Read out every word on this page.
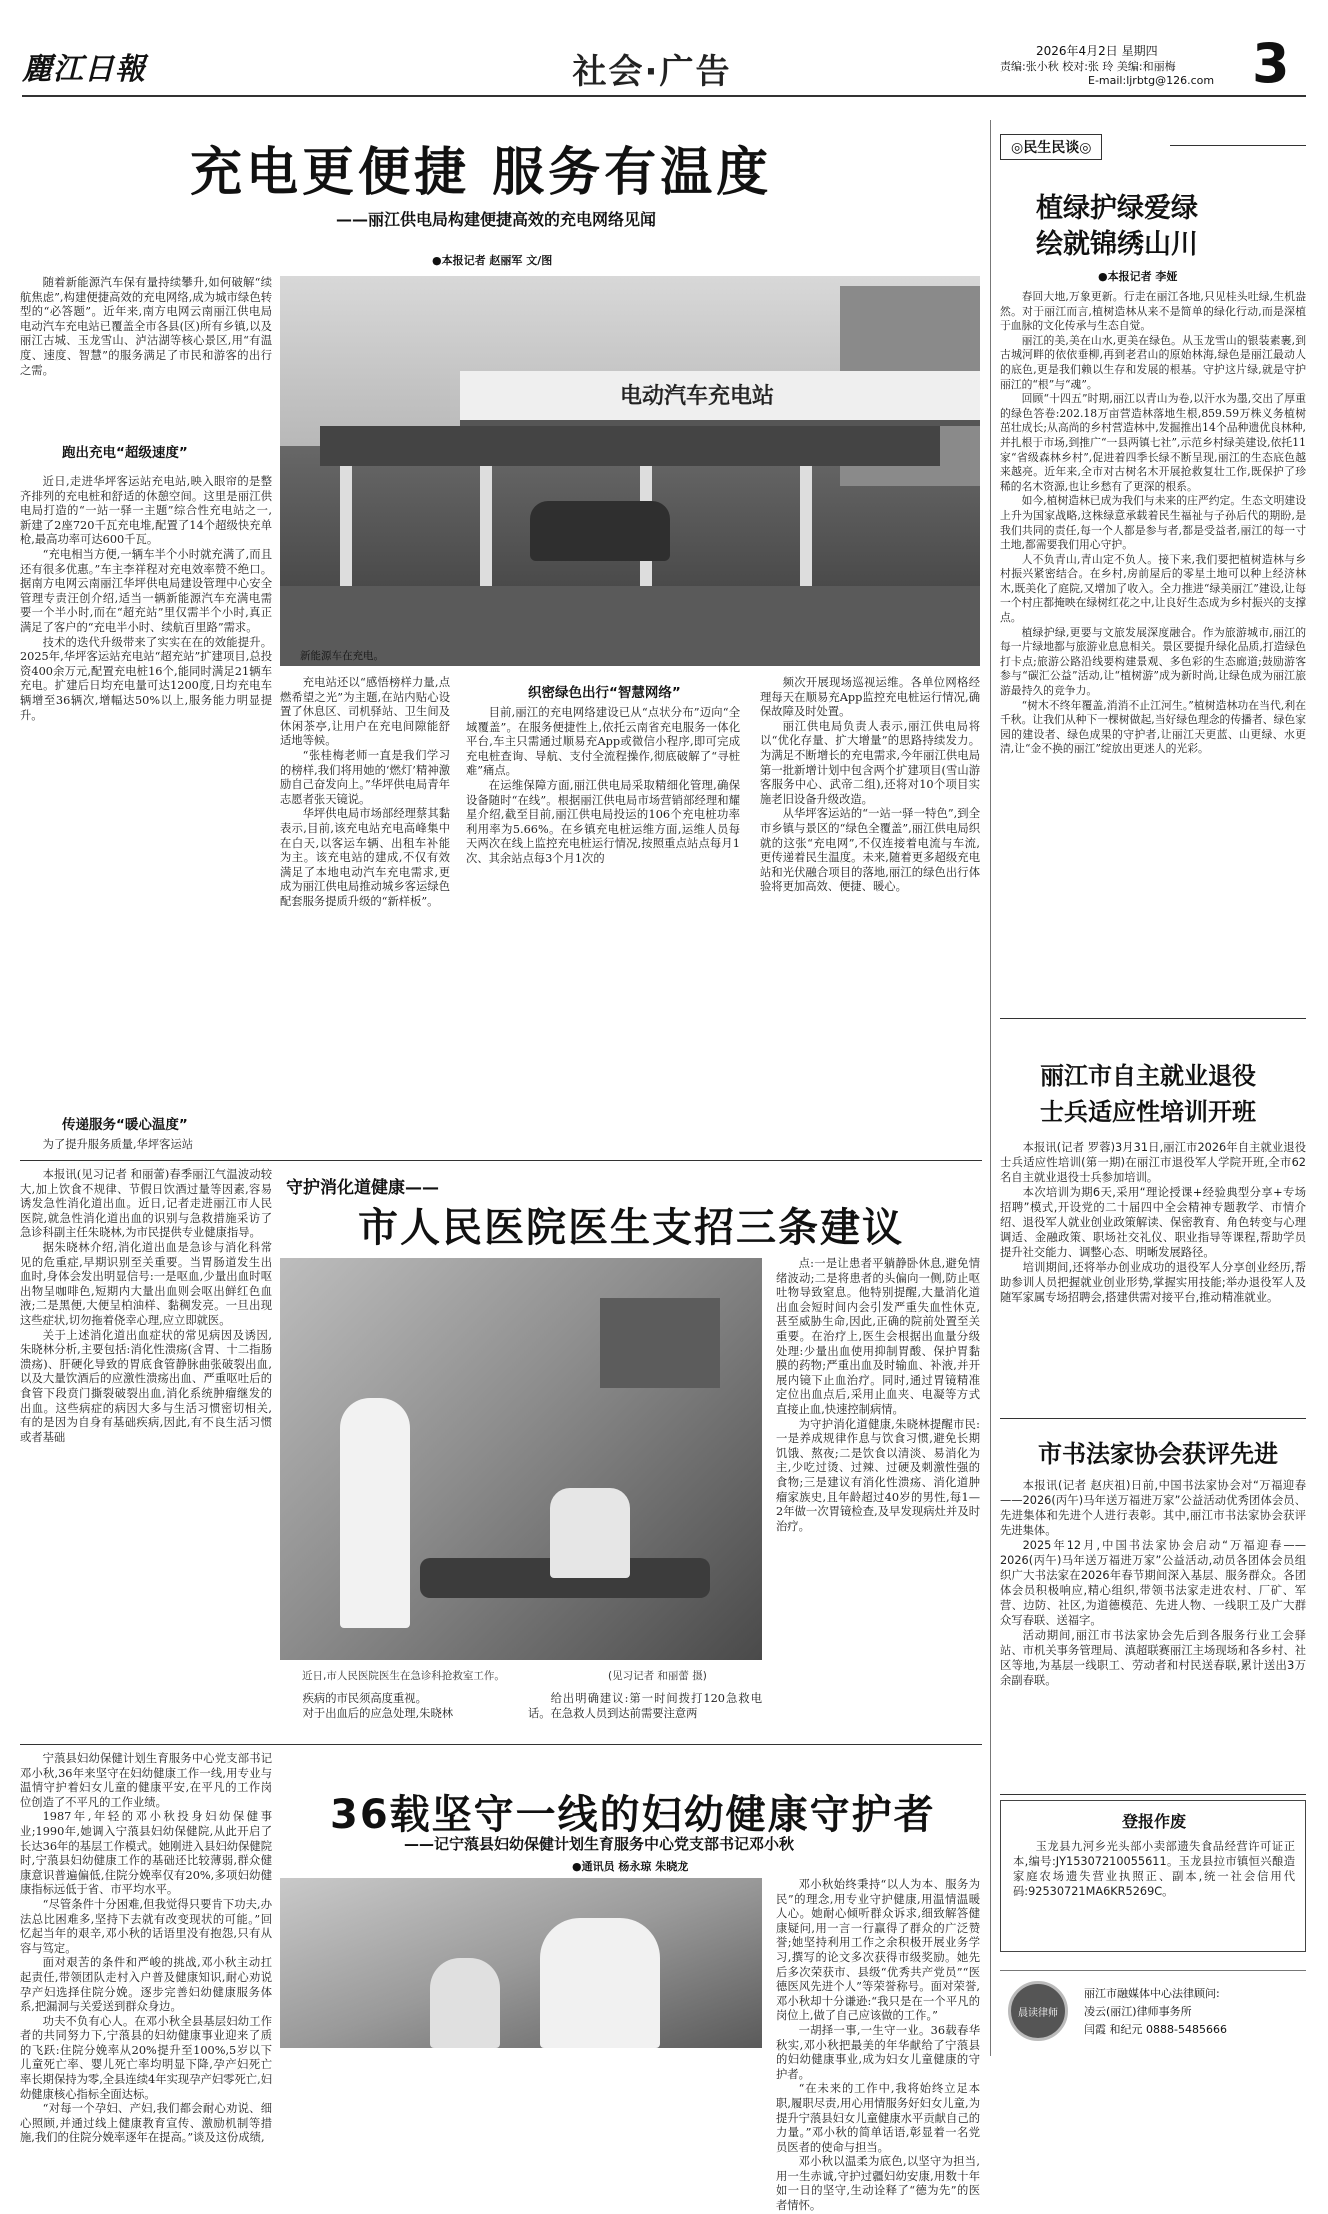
麗江日報	社会·广告
2026年4月2日 星期四
责编:张小秋 校对:张 玲 美编:和丽梅
E-mail:ljrbtg@126.com 3
充电更便捷 服务有温度
——丽江供电局构建便捷高效的充电网络见闻
●本报记者 赵丽军 文/图

随着新能源汽车保有量持续攀升,如何破解“续航焦虑”,构建便捷高效的充电网络,成为城市绿色转型的“必答题”。近年来,南方电网云南丽江供电局电动汽车充电站已覆盖全市各县(区)所有乡镇,以及丽江古城、玉龙雪山、泸沽湖等核心景区,用“有温度、速度、智慧”的服务满足了市民和游客的出行之需。

跑出充电“超级速度”

近日,走进华坪客运站充电站,映入眼帘的是整齐排列的充电桩和舒适的休憩空间。这里是丽江供电局打造的“一站一驿一主题”综合性充电站之一,新建了2座720千瓦充电堆,配置了14个超级快充单枪,最高功率可达600千瓦。

“充电相当方便,一辆车半个小时就充满了,而且还有很多优惠。”车主李祥程对充电效率赞不绝口。据南方电网云南丽江华坪供电局建设管理中心安全管理专责汪创介绍,适当一辆新能源汽车充满电需要一个半小时,而在“超充站”里仅需半个小时,真正满足了客户的“充电半小时、续航百里路”需求。

技术的迭代升级带来了实实在在的效能提升。2025年,华坪客运站充电站“超充站”扩建项目,总投资400余万元,配置充电桩16个,能同时满足21辆车充电。扩建后日均充电量可达1200度,日均充电车辆增至36辆次,增幅达50%以上,服务能力明显提升。

传递服务“暖心温度”

为了提升服务质量,华坪客运站

电动汽车充电站
新能源车在充电。

充电站还以“感悟榜样力量,点燃希望之光”为主题,在站内贴心设置了休息区、司机驿站、卫生间及休闲茶亭,让用户在充电间隙能舒适地等候。

“张桂梅老师一直是我们学习的榜样,我们将用她的‘燃灯’精神激励自己奋发向上。”华坪供电局青年志愿者张天镜说。

华坪供电局市场部经理蔡其黏表示,目前,该充电站充电高峰集中在白天,以客运车辆、出租车补能为主。该充电站的建成,不仅有效满足了本地电动汽车充电需求,更成为丽江供电局推动城乡客运绿色配套服务提质升级的“新样板”。

织密绿色出行“智慧网络”

目前,丽江的充电网络建设已从“点状分布”迈向“全域覆盖”。在服务便捷性上,依托云南省充电服务一体化平台,车主只需通过顺易充App或微信小程序,即可完成充电桩查询、导航、支付全流程操作,彻底破解了“寻桩难”痛点。

在运维保障方面,丽江供电局采取精细化管理,确保设备随时“在线”。根据丽江供电局市场营销部经理和耀星介绍,截至目前,丽江供电局投运的106个充电桩功率利用率为5.66%。在乡镇充电桩运维方面,运维人员每天两次在线上监控充电桩运行情况,按照重点站点每月1次、其余站点每3个月1次的

频次开展现场巡视运维。各单位网格经理每天在顺易充App监控充电桩运行情况,确保故障及时处置。

丽江供电局负责人表示,丽江供电局将以“优化存量、扩大增量”的思路持续发力。为满足不断增长的充电需求,今年丽江供电局第一批新增计划中包含两个扩建项目(雪山游客服务中心、武帝二组),还将对10个项目实施老旧设备升级改造。

从华坪客运站的“一站一驿一特色”,到全市乡镇与景区的“绿色全覆盖”,丽江供电局织就的这张“充电网”,不仅连接着电流与车流,更传递着民生温度。未来,随着更多超级充电站和光伏融合项目的落地,丽江的绿色出行体验将更加高效、便捷、暖心。

本报讯(见习记者 和丽蕾)春季丽江气温波动较大,加上饮食不规律、节假日饮酒过量等因素,容易诱发急性消化道出血。近日,记者走进丽江市人民医院,就急性消化道出血的识别与急救措施采访了急诊科副主任朱晓林,为市民提供专业健康指导。

据朱晓林介绍,消化道出血是急诊与消化科常见的危重症,早期识别至关重要。当胃肠道发生出血时,身体会发出明显信号:一是呕血,少量出血时呕出物呈咖啡色,短期内大量出血则会呕出鲜红色血液;二是黑便,大便呈柏油样、黏稠发亮。一旦出现这些症状,切勿拖着侥幸心理,应立即就医。

关于上述消化道出血症状的常见病因及诱因,朱晓林分析,主要包括:消化性溃疡(含胃、十二指肠溃疡)、肝硬化导致的胃底食管静脉曲张破裂出血,以及大量饮酒后的应激性溃疡出血、严重呕吐后的食管下段贲门撕裂破裂出血,消化系统肿瘤继发的出血。这些病症的病因大多与生活习惯密切相关,有的是因为自身有基础疾病,因此,有不良生活习惯或者基础

守护消化道健康——
市人民医院医生支招三条建议
近日,市人民医院医生在急诊科抢救室工作。	(见习记者 和丽蕾 摄)

疾病的市民须高度重视。

对于出血后的应急处理,朱晓林

给出明确建议:第一时间拨打120急救电话。在急救人员到达前需要注意两

点:一是让患者平躺静卧休息,避免情绪波动;二是将患者的头偏向一侧,防止呕吐物导致窒息。他特别提醒,大量消化道出血会短时间内会引发严重失血性休克,甚至威胁生命,因此,正确的院前处置至关重要。在治疗上,医生会根据出血量分级处理:少量出血使用抑制胃酸、保护胃黏膜的药物;严重出血及时输血、补液,并开展内镜下止血治疗。同时,通过胃镜精准定位出血点后,采用止血夹、电凝等方式直接止血,快速控制病情。

为守护消化道健康,朱晓林提醒市民:一是养成规律作息与饮食习惯,避免长期饥饿、熬夜;二是饮食以清淡、易消化为主,少吃过烫、过辣、过硬及刺激性强的食物;三是建议有消化性溃疡、消化道肿瘤家族史,且年龄超过40岁的男性,每1—2年做一次胃镜检查,及早发现病灶并及时治疗。

宁蒗县妇幼保健计划生育服务中心党支部书记邓小秋,36年来坚守在妇幼健康工作一线,用专业与温情守护着妇女儿童的健康平安,在平凡的工作岗位创造了不平凡的工作业绩。

1987年,年轻的邓小秋投身妇幼保健事业;1990年,她调入宁蒗县妇幼保健院,从此开启了长达36年的基层工作模式。她刚进入县妇幼保健院时,宁蒗县妇幼健康工作的基础还比较薄弱,群众健康意识普遍偏低,住院分娩率仅有20%,多项妇幼健康指标远低于省、市平均水平。

“尽管条件十分困难,但我觉得只要肯下功夫,办法总比困难多,坚持下去就有改变现状的可能。”回忆起当年的艰辛,邓小秋的话语里没有抱怨,只有从容与笃定。

面对艰苦的条件和严峻的挑战,邓小秋主动扛起责任,带领团队走村入户普及健康知识,耐心劝说孕产妇选择住院分娩。逐步完善妇幼健康服务体系,把漏洞与关爱送到群众身边。

功夫不负有心人。在邓小秋全县基层妇幼工作者的共同努力下,宁蒗县的妇幼健康事业迎来了质的飞跃:住院分娩率从20%提升至100%,5岁以下儿童死亡率、婴儿死亡率均明显下降,孕产妇死亡率长期保持为零,全县连续4年实现孕产妇零死亡,妇幼健康核心指标全面达标。

“对每一个孕妇、产妇,我们都会耐心劝说、细心照顾,并通过线上健康教育宣传、激励机制等措施,我们的住院分娩率逐年在提高。”谈及这份成绩,

36载坚守一线的妇幼健康守护者
——记宁蒗县妇幼保健计划生育服务中心党支部书记邓小秋
●通讯员 杨永琼 朱晓龙

邓小秋始终秉持“以人为本、服务为民”的理念,用专业守护健康,用温情温暖人心。她耐心倾听群众诉求,细致解答健康疑问,用一言一行赢得了群众的广泛赞誉;她坚持利用工作之余积极开展业务学习,撰写的论文多次获得市级奖励。她先后多次荣获市、县级“优秀共产党员”“医德医风先进个人”等荣誉称号。面对荣誉,邓小秋却十分谦逊:“我只是在一个平凡的岗位上,做了自己应该做的工作。”

一胡择一事,一生守一业。36载春华秋实,邓小秋把最美的年华献给了宁蒗县的妇幼健康事业,成为妇女儿童健康的守护者。

“在未来的工作中,我将始终立足本职,履职尽责,用心用情服务好妇女儿童,为提升宁蒗县妇女儿童健康水平贡献自己的力量。”邓小秋的简单话语,彰显着一名党员医者的使命与担当。

邓小秋以温柔为底色,以坚守为担当,用一生赤诚,守护过疆妇幼安康,用数十年如一日的坚守,生动诠释了“德为先”的医者情怀。

◎民生民谈◎
植绿护绿爱绿
绘就锦绣山川
●本报记者 李娅

春回大地,万象更新。行走在丽江各地,只见桂头吐绿,生机盎然。对于丽江而言,植树造林从来不是简单的绿化行动,而是深植于血脉的文化传承与生态自觉。

丽江的美,美在山水,更美在绿色。从玉龙雪山的银装素裹,到古城河畔的依依垂柳,再到老君山的原始林海,绿色是丽江最动人的底色,更是我们赖以生存和发展的根基。守护这片绿,就是守护丽江的“根”与“魂”。

回顾“十四五”时期,丽江以青山为卷,以汗水为墨,交出了厚重的绿色答卷:202.18万亩营造林落地生根,859.59万株义务植树茁壮成长;从高尚的乡村营造林中,发掘推出14个品种遗优良林种,并扎根于市场,到推广“一县两镇七社”,示范乡村绿美建设,依托11家“省级森林乡村”,促进着四季长绿不断呈现,丽江的生态底色越来越亮。近年来,全市对古树名木开展抢救复壮工作,既保护了珍稀的名木资源,也让乡愁有了更深的根系。

如今,植树造林已成为我们与未来的庄严约定。生态文明建设上升为国家战略,这株绿意承载着民生福祉与子孙后代的期盼,是我们共同的责任,每一个人都是参与者,都是受益者,丽江的每一寸土地,都需要我们用心守护。

人不负青山,青山定不负人。接下来,我们要把植树造林与乡村振兴紧密结合。在乡村,房前屋后的零星土地可以种上经济林木,既美化了庭院,又增加了收入。全力推进“绿美丽江”建设,让每一个村庄都掩映在绿树红花之中,让良好生态成为乡村振兴的支撑点。

植绿护绿,更要与文旅发展深度融合。作为旅游城市,丽江的每一片绿地都与旅游业息息相关。景区要提升绿化品质,打造绿色打卡点;旅游公路沿线要构建景观、多色彩的生态廊道;鼓励游客参与“碳汇公益”活动,让“植树游”成为新时尚,让绿色成为丽江旅游最持久的竞争力。

“树木不终年覆盖,消消不止江河生。”植树造林功在当代,利在千秋。让我们从种下一棵树做起,当好绿色理念的传播者、绿色家园的建设者、绿色成果的守护者,让丽江天更蓝、山更绿、水更清,让“金不换的丽江”绽放出更迷人的光彩。

丽江市自主就业退役
士兵适应性培训开班

本报讯(记者 罗蓉)3月31日,丽江市2026年自主就业退役士兵适应性培训(第一期)在丽江市退役军人学院开班,全市62名自主就业退役士兵参加培训。

本次培训为期6天,采用“理论授课+经验典型分享+专场招聘”模式,开设党的二十届四中全会精神专题教学、市情介绍、退役军人就业创业政策解读、保密教育、角色转变与心理调适、金融政策、职场社交礼仪、职业指导等课程,帮助学员提升社交能力、调整心态、明晰发展路径。

培训期间,还将举办创业成功的退役军人分享创业经历,帮助参训人员把握就业创业形势,掌握实用技能;举办退役军人及随军家属专场招聘会,搭建供需对接平台,推动精准就业。

市书法家协会获评先进

本报讯(记者 赵庆祖)日前,中国书法家协会对“万福迎春——2026(丙午)马年送万福进万家”公益活动优秀团体会员、先进集体和先进个人进行表彰。其中,丽江市书法家协会获评先进集体。

2025年12月,中国书法家协会启动“万福迎春——2026(丙午)马年送万福进万家”公益活动,动员各团体会员组织广大书法家在2026年春节期间深入基层、服务群众。各团体会员积极响应,精心组织,带领书法家走进农村、厂矿、军营、边防、社区,为道德模范、先进人物、一线职工及广大群众写春联、送福字。

活动期间,丽江市书法家协会先后到各服务行业工会驿站、市机关事务管理局、滇超联赛丽江主场现场和各乡村、社区等地,为基层一线职工、劳动者和村民送春联,累计送出3万余副春联。

登报作废
玉龙县九河乡光头部小卖部遗失食品经营许可证正本,编号:JY15307210055611。玉龙县拉市镇恒兴酿造家庭农场遗失营业执照正、副本,统一社会信用代码:92530721MA6KR5269C。
晨读律师
丽江市融媒体中心法律顾问:
凌云(丽江)律师事务所
闫霞 和纪元 0888-5485666
